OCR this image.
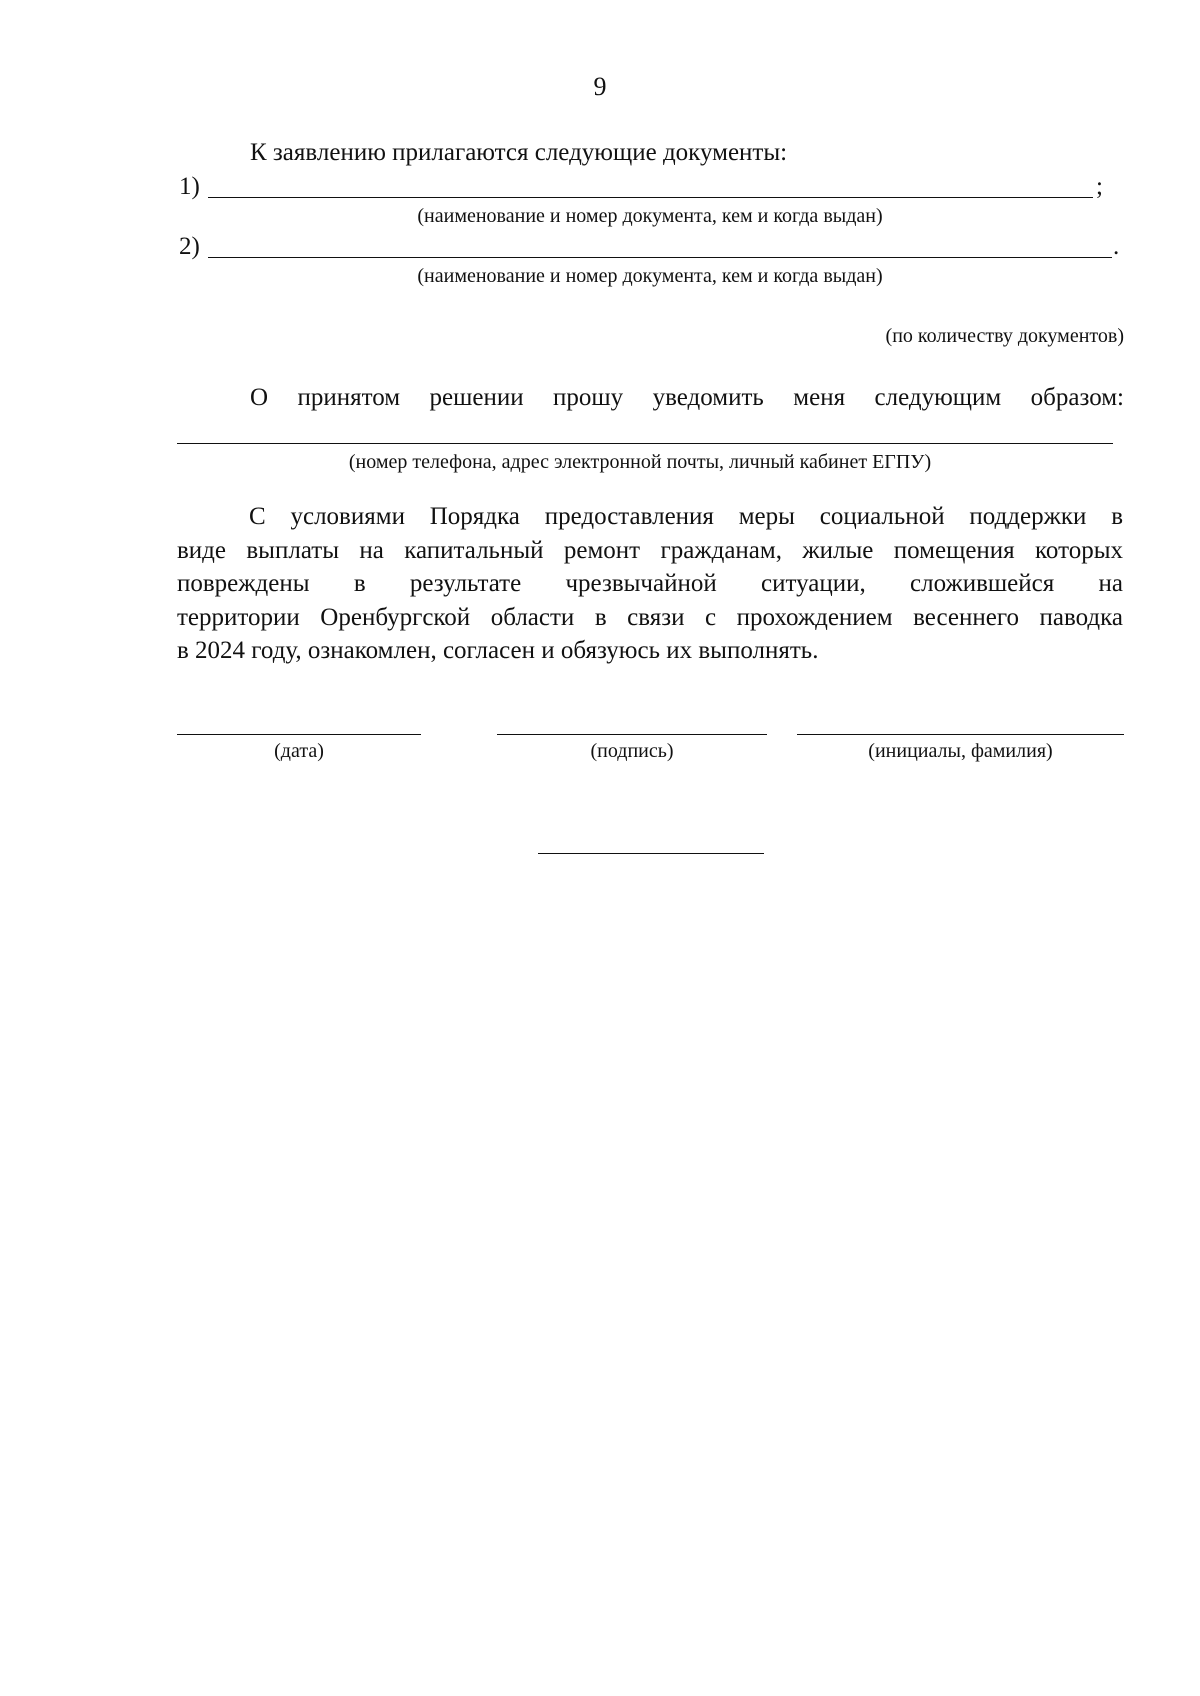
9
К заявлению прилагаются следующие документы:
1)	;
(наименование и номер документа, кем и когда выдан)
2)	.
(наименование и номер документа, кем и когда выдан)
(по количеству документов)
О принятом решении прошу уведомить меня следующим образом:
(номер телефона, адрес электронной почты, личный кабинет ЕГПУ)
С условиями Порядка предоставления меры социальной поддержки в
виде выплаты на капитальный ремонт гражданам, жилые помещения которых
повреждены в результате чрезвычайной ситуации, сложившейся на
территории Оренбургской области в связи с прохождением весеннего паводка
в 2024 году, ознакомлен, согласен и обязуюсь их выполнять.
(дата)	(подпись)	(инициалы, фамилия)
